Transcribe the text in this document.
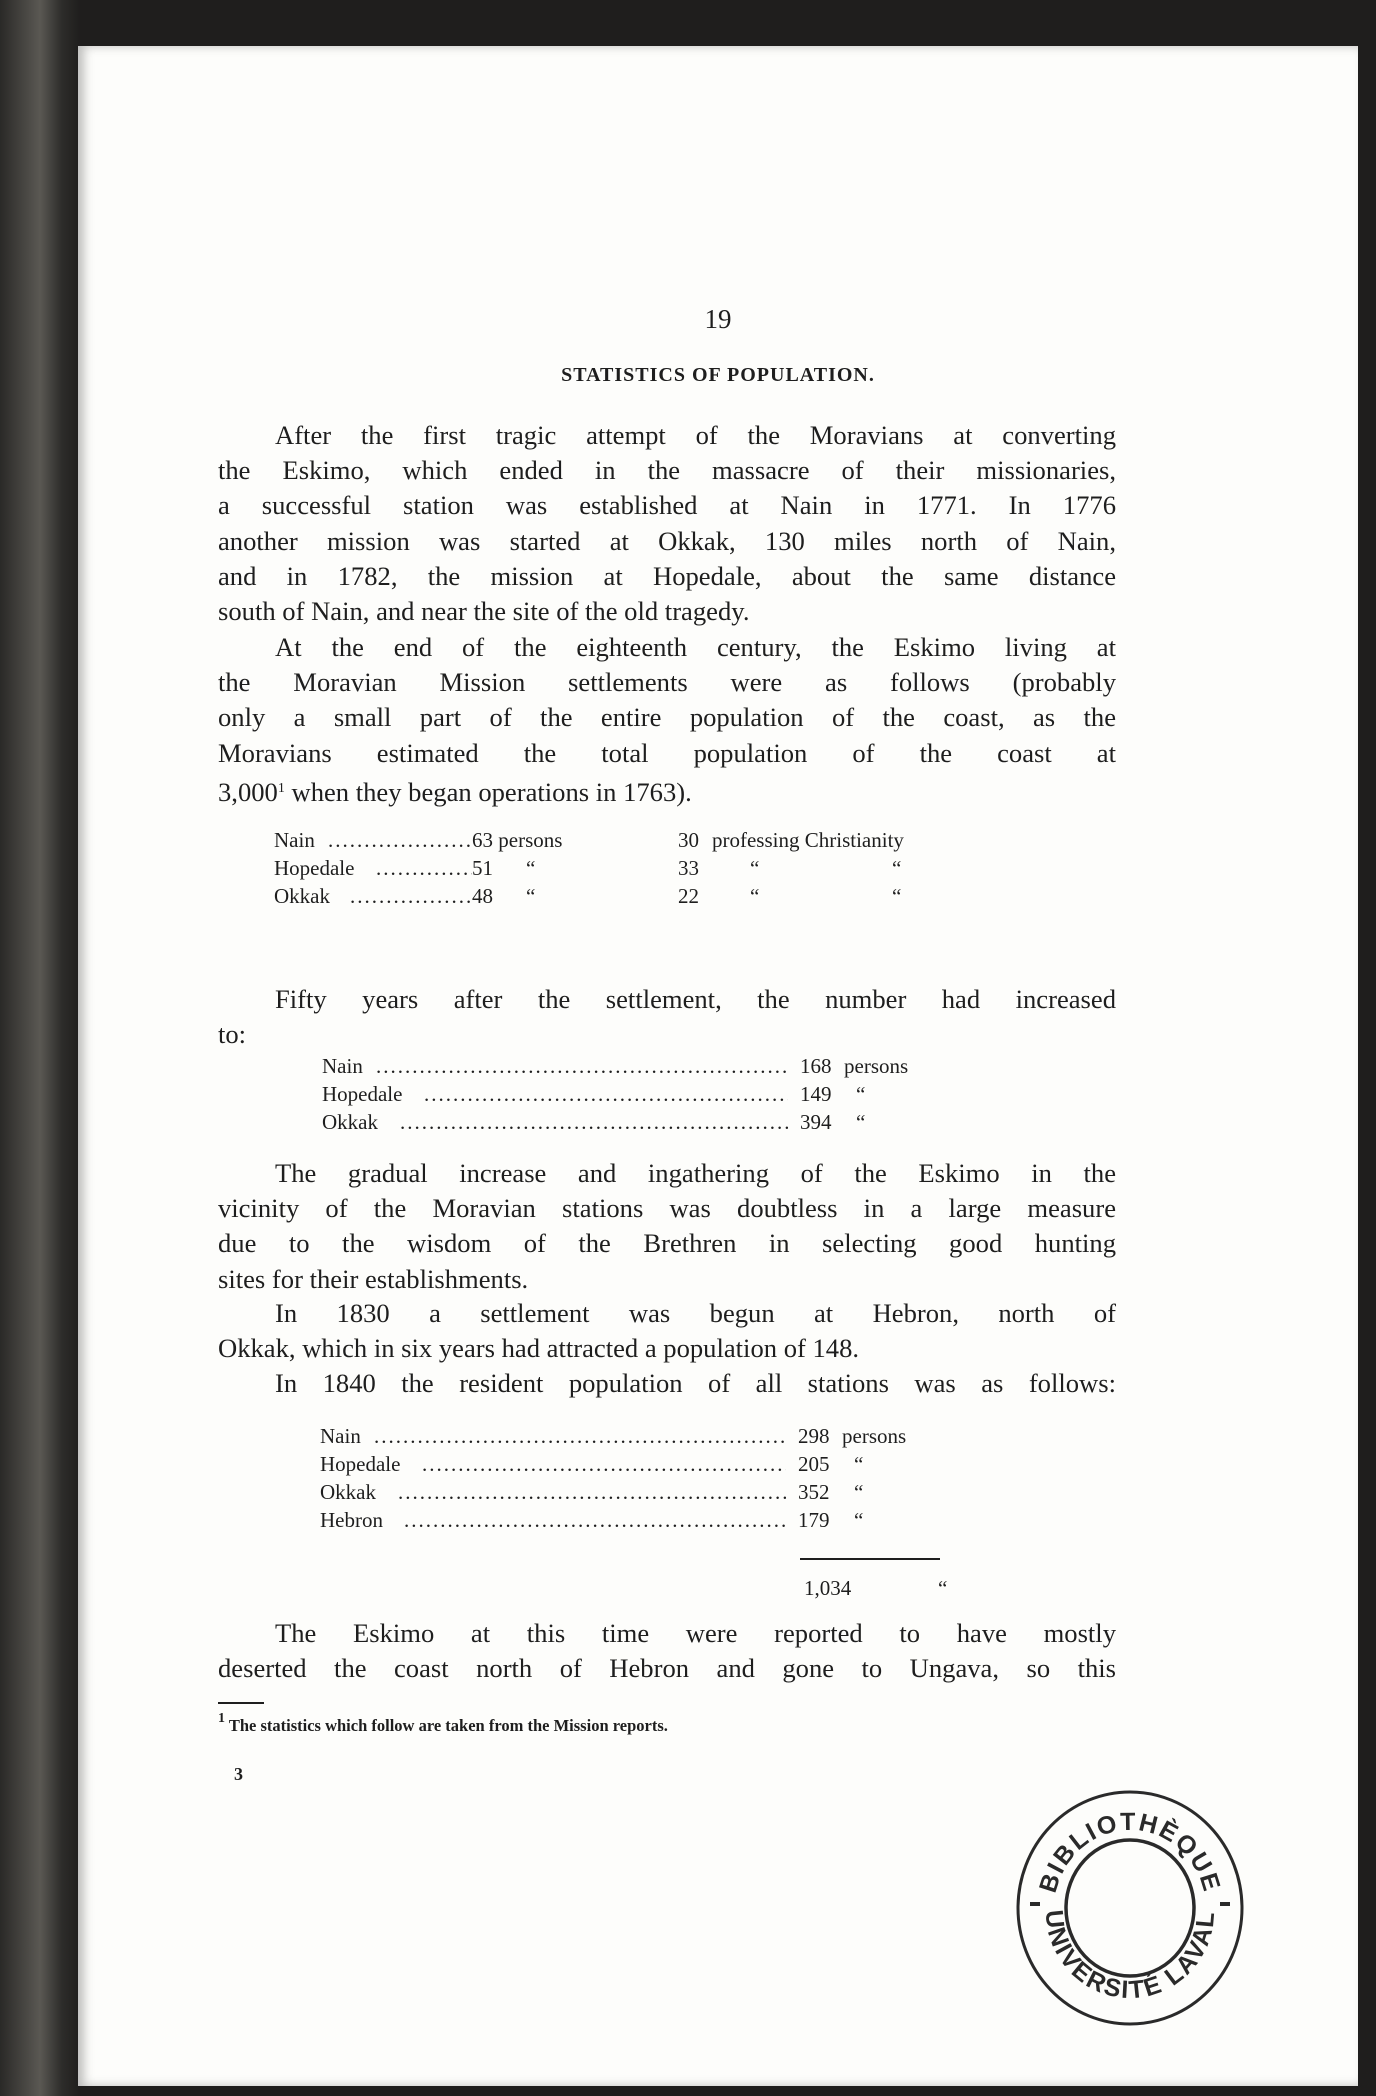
19
STATISTICS OF POPULATION.

After the first tragic attempt of the Moravians at converting
the Eskimo, which ended in the massacre of their missionaries,
a successful station was established at Nain in 1771. In 1776
another mission was started at Okkak, 130 miles north of Nain,
and in 1782, the mission at Hopedale, about the same distance
south of Nain, and near the site of the old tragedy.

At the end of the eighteenth century, the Eskimo living at
the Moravian Mission settlements were as follows (probably
only a small part of the entire population of the coast, as the
Moravians estimated the total population of the coast at
3,000$^1$ when they began operations in 1763).

Nain .....	63 persons	30 professing Christianity
Hopedale .....	51 “	33 “	“
Okkak .....	48 “	22 “	“

Fifty years after the settlement, the number had increased
to:

Nain .....	168 persons
Hopedale .....	149 “
Okkak .....	394 “

The gradual increase and ingathering of the Eskimo in the
vicinity of the Moravian stations was doubtless in a large measure
due to the wisdom of the Brethren in selecting good hunting
sites for their establishments.

In 1830 a settlement was begun at Hebron, north of
Okkak, which in six years had attracted a population of 148.

In 1840 the resident population of all stations was as follows:

Nain .....	298 persons
Hopedale .....	205 “
Okkak .....	352 “
Hebron .....	179 “
1,034	“

The Eskimo at this time were reported to have mostly
deserted the coast north of Hebron and gone to Ungava, so this

$^1$ The statistics which follow are taken from the Mission reports.
3
BIBLIOTHÈQUE
UNIVERSITÉ LAVAL
